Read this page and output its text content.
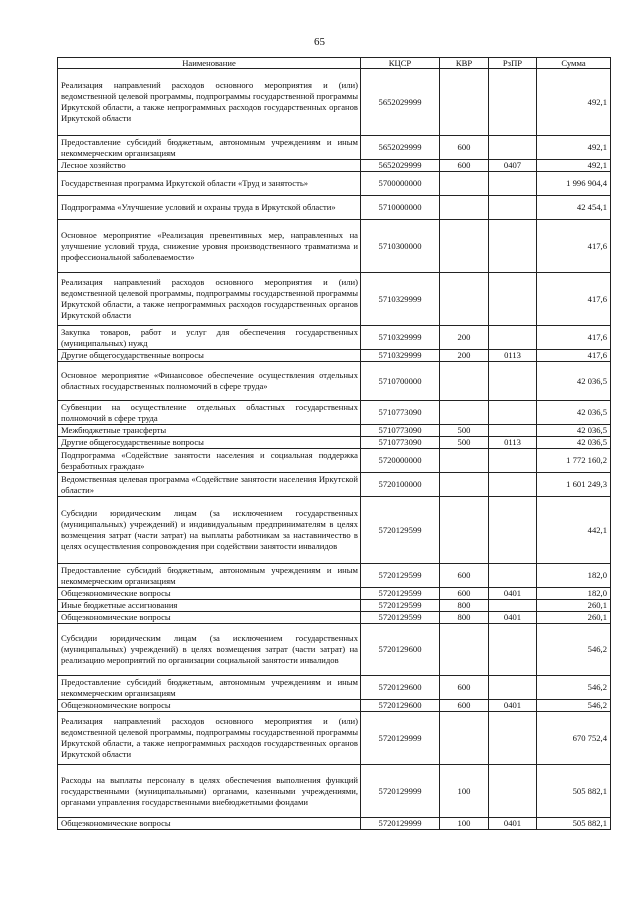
65
Наименование	КЦСР	КВР	РзПР	Сумма
Реализация направлений расходов основного мероприятия и (или) ведомственной целевой программы, подпрограммы государственной программы Иркутской области, а также непрограммных расходов государственных органов Иркутской области	5652029999			492,1
Предоставление субсидий бюджетным, автономным учреждениям и иным некоммерческим организациям	5652029999	600		492,1
Лесное хозяйство	5652029999	600	0407	492,1
Государственная программа Иркутской области «Труд и занятость»	5700000000			1 996 904,4
Подпрограмма «Улучшение условий и охраны труда в Иркутской области»	5710000000			42 454,1
Основное мероприятие «Реализация превентивных мер, направленных на улучшение условий труда, снижение уровня производственного травматизма и профессиональной заболеваемости»	5710300000			417,6
Реализация направлений расходов основного мероприятия и (или) ведомственной целевой программы, подпрограммы государственной программы Иркутской области, а также непрограммных расходов государственных органов Иркутской области	5710329999			417,6
Закупка товаров, работ и услуг для обеспечения государственных (муниципальных) нужд	5710329999	200		417,6
Другие общегосударственные вопросы	5710329999	200	0113	417,6
Основное мероприятие «Финансовое обеспечение осуществления отдельных областных государственных полномочий в сфере труда»	5710700000			42 036,5
Субвенции на осуществление отдельных областных государственных полномочий в сфере труда	5710773090			42 036,5
Межбюджетные трансферты	5710773090	500		42 036,5
Другие общегосударственные вопросы	5710773090	500	0113	42 036,5
Подпрограмма «Содействие занятости населения и социальная поддержка безработных граждан»	5720000000			1 772 160,2
Ведомственная целевая программа «Содействие занятости населения Иркутской области»	5720100000			1 601 249,3
Субсидии юридическим лицам (за исключением государственных (муниципальных) учреждений) и индивидуальным предпринимателям в целях возмещения затрат (части затрат) на выплаты работникам за наставничество в целях осуществления сопровождения при содействии занятости инвалидов	5720129599			442,1
Предоставление субсидий бюджетным, автономным учреждениям и иным некоммерческим организациям	5720129599	600		182,0
Общеэкономические вопросы	5720129599	600	0401	182,0
Иные бюджетные ассигнования	5720129599	800		260,1
Общеэкономические вопросы	5720129599	800	0401	260,1
Субсидии юридическим лицам (за исключением государственных (муниципальных) учреждений) в целях возмещения затрат (части затрат) на реализацию мероприятий по организации социальной занятости инвалидов	5720129600			546,2
Предоставление субсидий бюджетным, автономным учреждениям и иным некоммерческим организациям	5720129600	600		546,2
Общеэкономические вопросы	5720129600	600	0401	546,2
Реализация направлений расходов основного мероприятия и (или) ведомственной целевой программы, подпрограммы государственной программы Иркутской области, а также непрограммных расходов государственных органов Иркутской области	5720129999			670 752,4
Расходы на выплаты персоналу в целях обеспечения выполнения функций государственными (муниципальными) органами, казенными учреждениями, органами управления государственными внебюджетными фондами	5720129999	100		505 882,1
Общеэкономические вопросы	5720129999	100	0401	505 882,1
